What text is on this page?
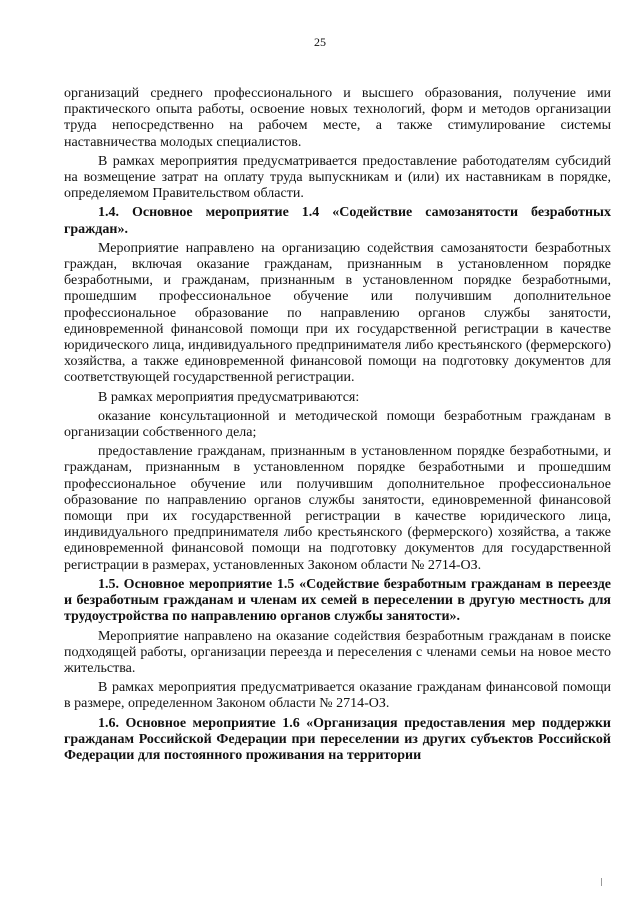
25

организаций среднего профессионального и высшего образования, получение ими практического опыта работы, освоение новых технологий, форм и методов организации труда непосредственно на рабочем месте, а также стимулирование системы наставничества молодых специалистов.

В рамках мероприятия предусматривается предоставление работодателям субсидий на возмещение затрат на оплату труда выпускникам и (или) их наставникам в порядке, определяемом Правительством области.

1.4. Основное мероприятие 1.4 «Содействие самозанятости безработных граждан».

Мероприятие направлено на организацию содействия самозанятости безработных граждан, включая оказание гражданам, признанным в установленном порядке безработными, и гражданам, признанным в установленном порядке безработными, прошедшим профессиональное обучение или получившим дополнительное профессиональное образование по направлению органов службы занятости, единовременной финансовой помощи при их государственной регистрации в качестве юридического лица, индивидуального предпринимателя либо крестьянского (фермерского) хозяйства, а также единовременной финансовой помощи на подготовку документов для соответствующей государственной регистрации.

В рамках мероприятия предусматриваются:

оказание консультационной и методической помощи безработным гражданам в организации собственного дела;

предоставление гражданам, признанным в установленном порядке безработными, и гражданам, признанным в установленном порядке безработными и прошедшим профессиональное обучение или получившим дополнительное профессиональное образование по направлению органов службы занятости, единовременной финансовой помощи при их государственной регистрации в качестве юридического лица, индивидуального предпринимателя либо крестьянского (фермерского) хозяйства, а также единовременной финансовой помощи на подготовку документов для государственной регистрации в размерах, установленных Законом области № 2714-ОЗ.

1.5. Основное мероприятие 1.5 «Содействие безработным гражданам в переезде и безработным гражданам и членам их семей в переселении в другую местность для трудоустройства по направлению органов службы занятости».

Мероприятие направлено на оказание содействия безработным гражданам в поиске подходящей работы, организации переезда и переселения с членами семьи на новое место жительства.

В рамках мероприятия предусматривается оказание гражданам финансовой помощи в размере, определенном Законом области № 2714-ОЗ.

1.6. Основное мероприятие 1.6 «Организация предоставления мер поддержки гражданам Российской Федерации при переселении из других субъектов Российской Федерации для постоянного проживания на территории
